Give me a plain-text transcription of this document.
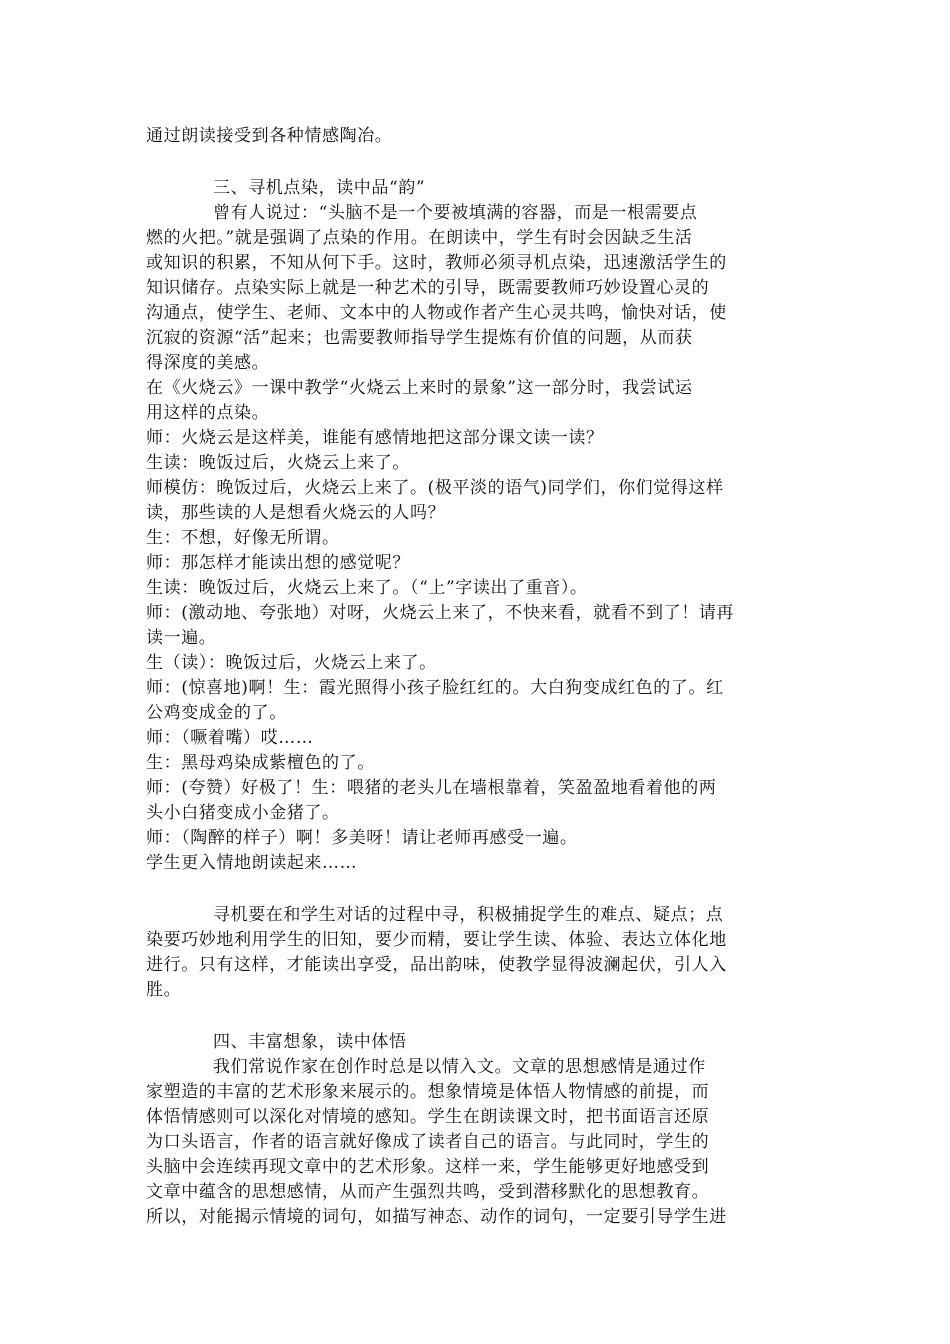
通过朗读接受到各种情感陶冶。
三、寻机点染，读中品“韵”
曾有人说过：“头脑不是一个要被填满的容器，而是一根需要点
燃的火把。”就是强调了点染的作用。在朗读中，学生有时会因缺乏生活
或知识的积累，不知从何下手。这时，教师必须寻机点染，迅速激活学生的
知识储存。点染实际上就是一种艺术的引导，既需要教师巧妙设置心灵的
沟通点，使学生、老师、文本中的人物或作者产生心灵共鸣，愉快对话，使
沉寂的资源“活”起来；也需要教师指导学生提炼有价值的问题，从而获
得深度的美感。
在《火烧云》一课中教学“火烧云上来时的景象”这一部分时，我尝试运
用这样的点染。
师：火烧云是这样美，谁能有感情地把这部分课文读一读？
生读：晚饭过后，火烧云上来了。
师模仿：晚饭过后，火烧云上来了。(极平淡的语气)同学们，你们觉得这样
读，那些读的人是想看火烧云的人吗？
生：不想，好像无所谓。
师：那怎样才能读出想的感觉呢？
生读：晚饭过后，火烧云上来了。（“上”字读出了重音）。
师：(激动地、夸张地）对呀，火烧云上来了，不快来看，就看不到了！请再
读一遍。
生（读）：晚饭过后，火烧云上来了。
师：(惊喜地)啊！生：霞光照得小孩子脸红红的。大白狗变成红色的了。红
公鸡变成金的了。
师：（噘着嘴）哎……
生：黑母鸡染成紫檀色的了。
师：(夸赞）好极了！生：喂猪的老头儿在墙根靠着，笑盈盈地看着他的两
头小白猪变成小金猪了。
师：（陶醉的样子）啊！多美呀！请让老师再感受一遍。
学生更入情地朗读起来……
寻机要在和学生对话的过程中寻，积极捕捉学生的难点、疑点；点
染要巧妙地利用学生的旧知，要少而精，要让学生读、体验、表达立体化地
进行。只有这样，才能读出享受，品出韵味，使教学显得波澜起伏，引人入
胜。
四、丰富想象，读中体悟
我们常说作家在创作时总是以情入文。文章的思想感情是通过作
家塑造的丰富的艺术形象来展示的。想象情境是体悟人物情感的前提，而
体悟情感则可以深化对情境的感知。学生在朗读课文时，把书面语言还原
为口头语言，作者的语言就好像成了读者自己的语言。与此同时，学生的
头脑中会连续再现文章中的艺术形象。这样一来，学生能够更好地感受到
文章中蕴含的思想感情，从而产生强烈共鸣，受到潜移默化的思想教育。
所以，对能揭示情境的词句，如描写神态、动作的词句，一定要引导学生进
